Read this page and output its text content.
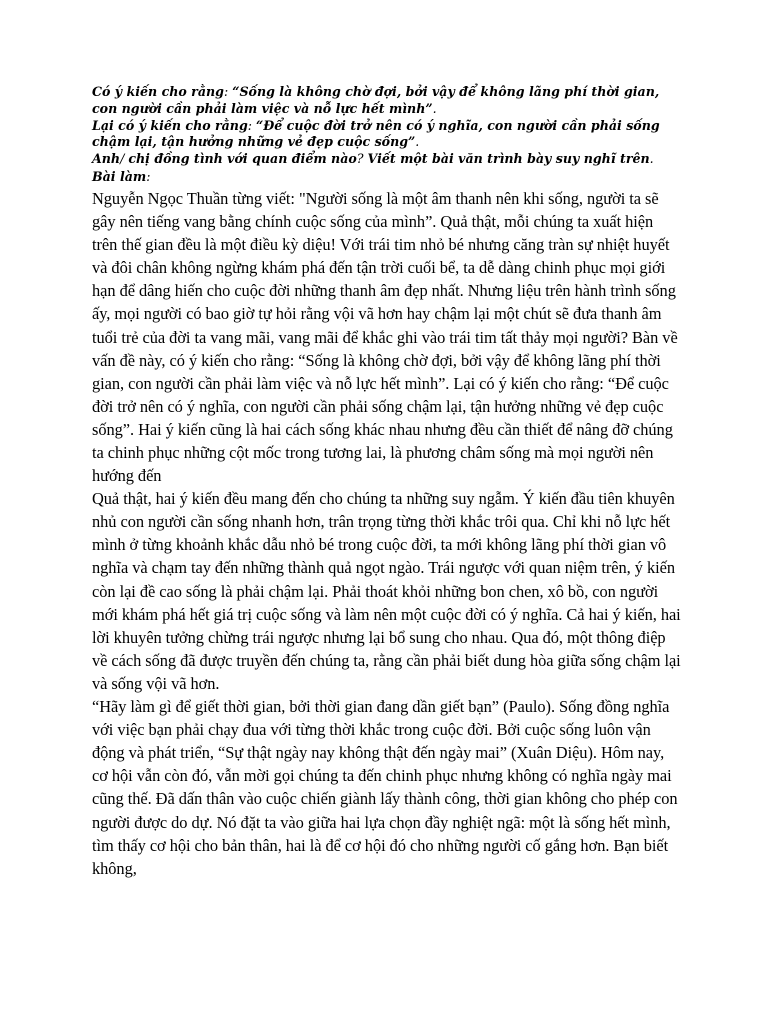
Có ý kiến cho rằng: “Sống là không chờ đợi, bởi vậy để không lãng phí thời gian, con người cần phải làm việc và nỗ lực hết mình”.

Lại có ý kiến cho rằng: “Để cuộc đời trở nên có ý nghĩa, con người cần phải sống chậm lại, tận hưởng những vẻ đẹp cuộc sống”.

Anh/ chị đồng tình với quan điểm nào? Viết một bài văn trình bày suy nghĩ trên.

Bài làm:

Nguyễn Ngọc Thuần từng viết: "Người sống là một âm thanh nên khi sống, người ta sẽ gây nên tiếng vang bằng chính cuộc sống của mình”. Quả thật, mỗi chúng ta xuất hiện trên thế gian đều là một điều kỳ diệu! Với trái tim nhỏ bé nhưng căng tràn sự nhiệt huyết và đôi chân không ngừng khám phá đến tận trời cuối bể, ta dễ dàng chinh phục mọi giới hạn để dâng hiến cho cuộc đời những thanh âm đẹp nhất. Nhưng liệu trên hành trình sống ấy, mọi người có bao giờ tự hỏi rằng vội vã hơn hay chậm lại một chút sẽ đưa thanh âm tuổi trẻ của đời ta vang mãi, vang mãi để khắc ghi vào trái tim tất thảy mọi người? Bàn về vấn đề này, có ý kiến cho rằng: “Sống là không chờ đợi, bởi vậy để không lãng phí thời gian, con người cần phải làm việc và nỗ lực hết mình”. Lại có ý kiến cho rằng: “Để cuộc đời trở nên có ý nghĩa, con người cần phải sống chậm lại, tận hưởng những vẻ đẹp cuộc sống”. Hai ý kiến cũng là hai cách sống khác nhau nhưng đều cần thiết để nâng đỡ chúng ta chinh phục những cột mốc trong tương lai, là phương châm sống mà mọi người nên hướng đến

Quả thật, hai ý kiến đều mang đến cho chúng ta những suy ngẫm. Ý kiến đầu tiên khuyên nhủ con người cần sống nhanh hơn, trân trọng từng thời khắc trôi qua. Chỉ khi nỗ lực hết mình ở từng khoảnh khắc dẫu nhỏ bé trong cuộc đời, ta mới không lãng phí thời gian vô nghĩa và chạm tay đến những thành quả ngọt ngào. Trái ngược với quan niệm trên, ý kiến còn lại đề cao sống là phải chậm lại. Phải thoát khỏi những bon chen, xô bồ, con người mới khám phá hết giá trị cuộc sống và làm nên một cuộc đời có ý nghĩa. Cả hai ý kiến, hai lời khuyên tưởng chừng trái ngược nhưng lại bổ sung cho nhau. Qua đó, một thông điệp về cách sống đã được truyền đến chúng ta, rằng cần phải biết dung hòa giữa sống chậm lại và sống vội vã hơn.

“Hãy làm gì để giết thời gian, bởi thời gian đang dần giết bạn” (Paulo). Sống đồng nghĩa với việc bạn phải chạy đua với từng thời khắc trong cuộc đời. Bởi cuộc sống luôn vận động và phát triển, “Sự thật ngày nay không thật đến ngày mai” (Xuân Diệu). Hôm nay, cơ hội vẫn còn đó, vẫn mời gọi chúng ta đến chinh phục nhưng không có nghĩa ngày mai cũng thế. Đã dấn thân vào cuộc chiến giành lấy thành công, thời gian không cho phép con người được do dự. Nó đặt ta vào giữa hai lựa chọn đầy nghiệt ngã: một là sống hết mình, tìm thấy cơ hội cho bản thân, hai là để cơ hội đó cho những người cố gắng hơn. Bạn biết không,
